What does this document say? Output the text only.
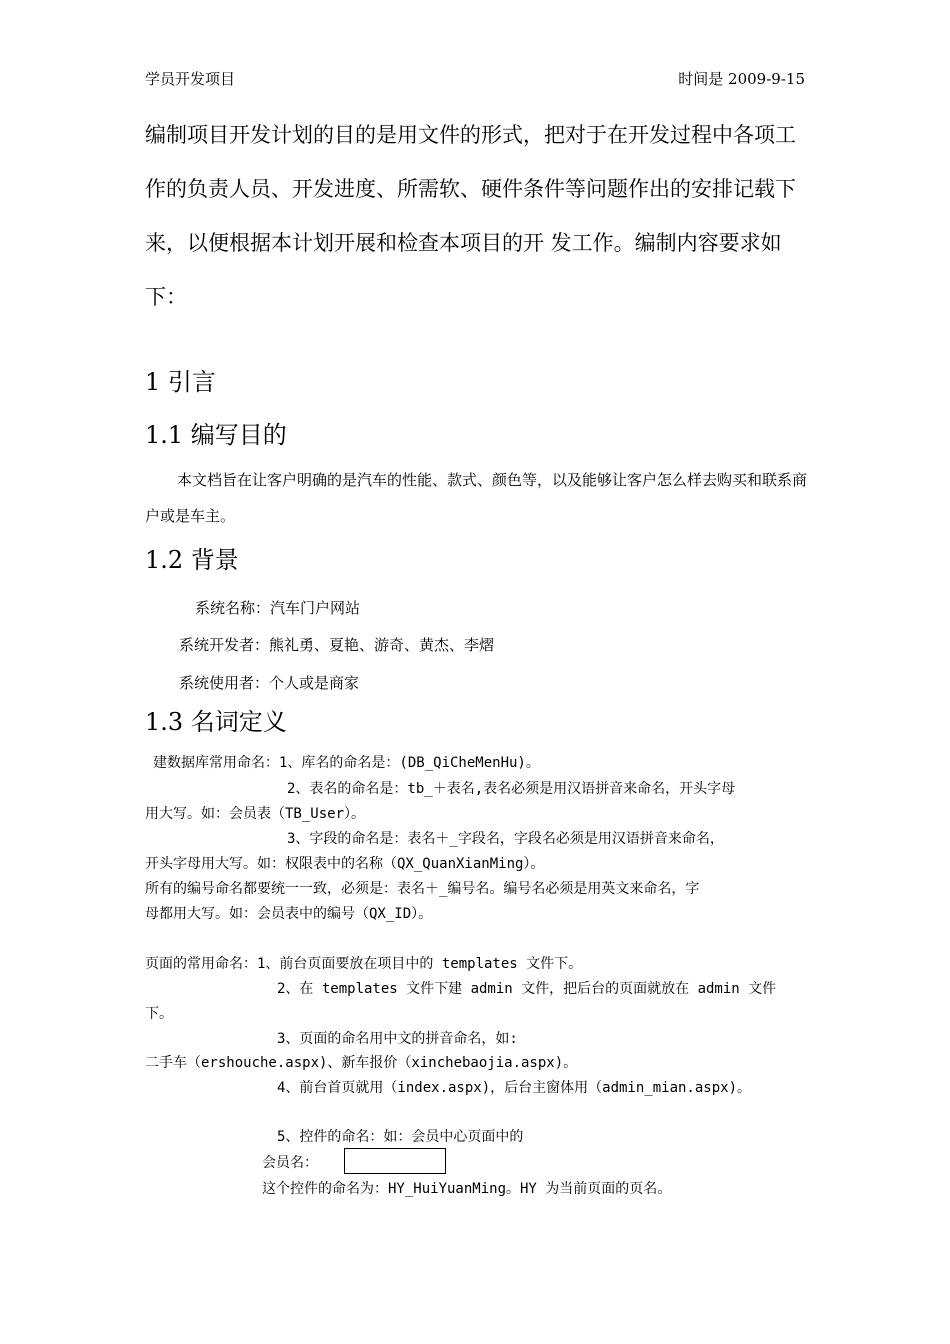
学员开发项目	时间是 2009-9-15

编制项目开发计划的目的是用文件的形式，把对于在开发过程中各项工作的负责人员、开发进度、所需软、硬件条件等问题作出的安排记载下来，以便根据本计划开展和检查本项目的开 发工作。编制内容要求如下：

1 引言
1.1 编写目的
本文档旨在让客户明确的是汽车的性能、款式、颜色等，以及能够让客户怎么样去购买和联系商户或是车主。
1.2 背景
系统名称：汽车门户网站
系统开发者：熊礼勇、夏艳、游奇、黄杰、李熠
系统使用者：个人或是商家
1.3 名词定义
建数据库常用命名：1、库名的命名是：(DB_QiCheMenHu)。
2、表名的命名是：tb_＋表名,表名必须是用汉语拼音来命名，开头字母
用大写。如：会员表（TB_User）。
3、字段的命名是：表名＋_字段名，字段名必须是用汉语拼音来命名，
开头字母用大写。如：权限表中的名称（QX_QuanXianMing）。
所有的编号命名都要统一一致，必须是：表名＋_编号名。编号名必须是用英文来命名，字
母都用大写。如：会员表中的编号（QX_ID）。
页面的常用命名：1、前台页面要放在项目中的 templates 文件下。
2、在 templates 文件下建 admin 文件，把后台的页面就放在 admin 文件
下。
3、页面的命名用中文的拼音命名，如:
二手车（ershouche.aspx)、新车报价（xinchebaojia.aspx)。
4、前台首页就用（index.aspx)，后台主窗体用（admin_mian.aspx)。
5、控件的命名：如：会员中心页面中的
会员名：
这个控件的命名为：HY_HuiYuanMing。HY 为当前页面的页名。
